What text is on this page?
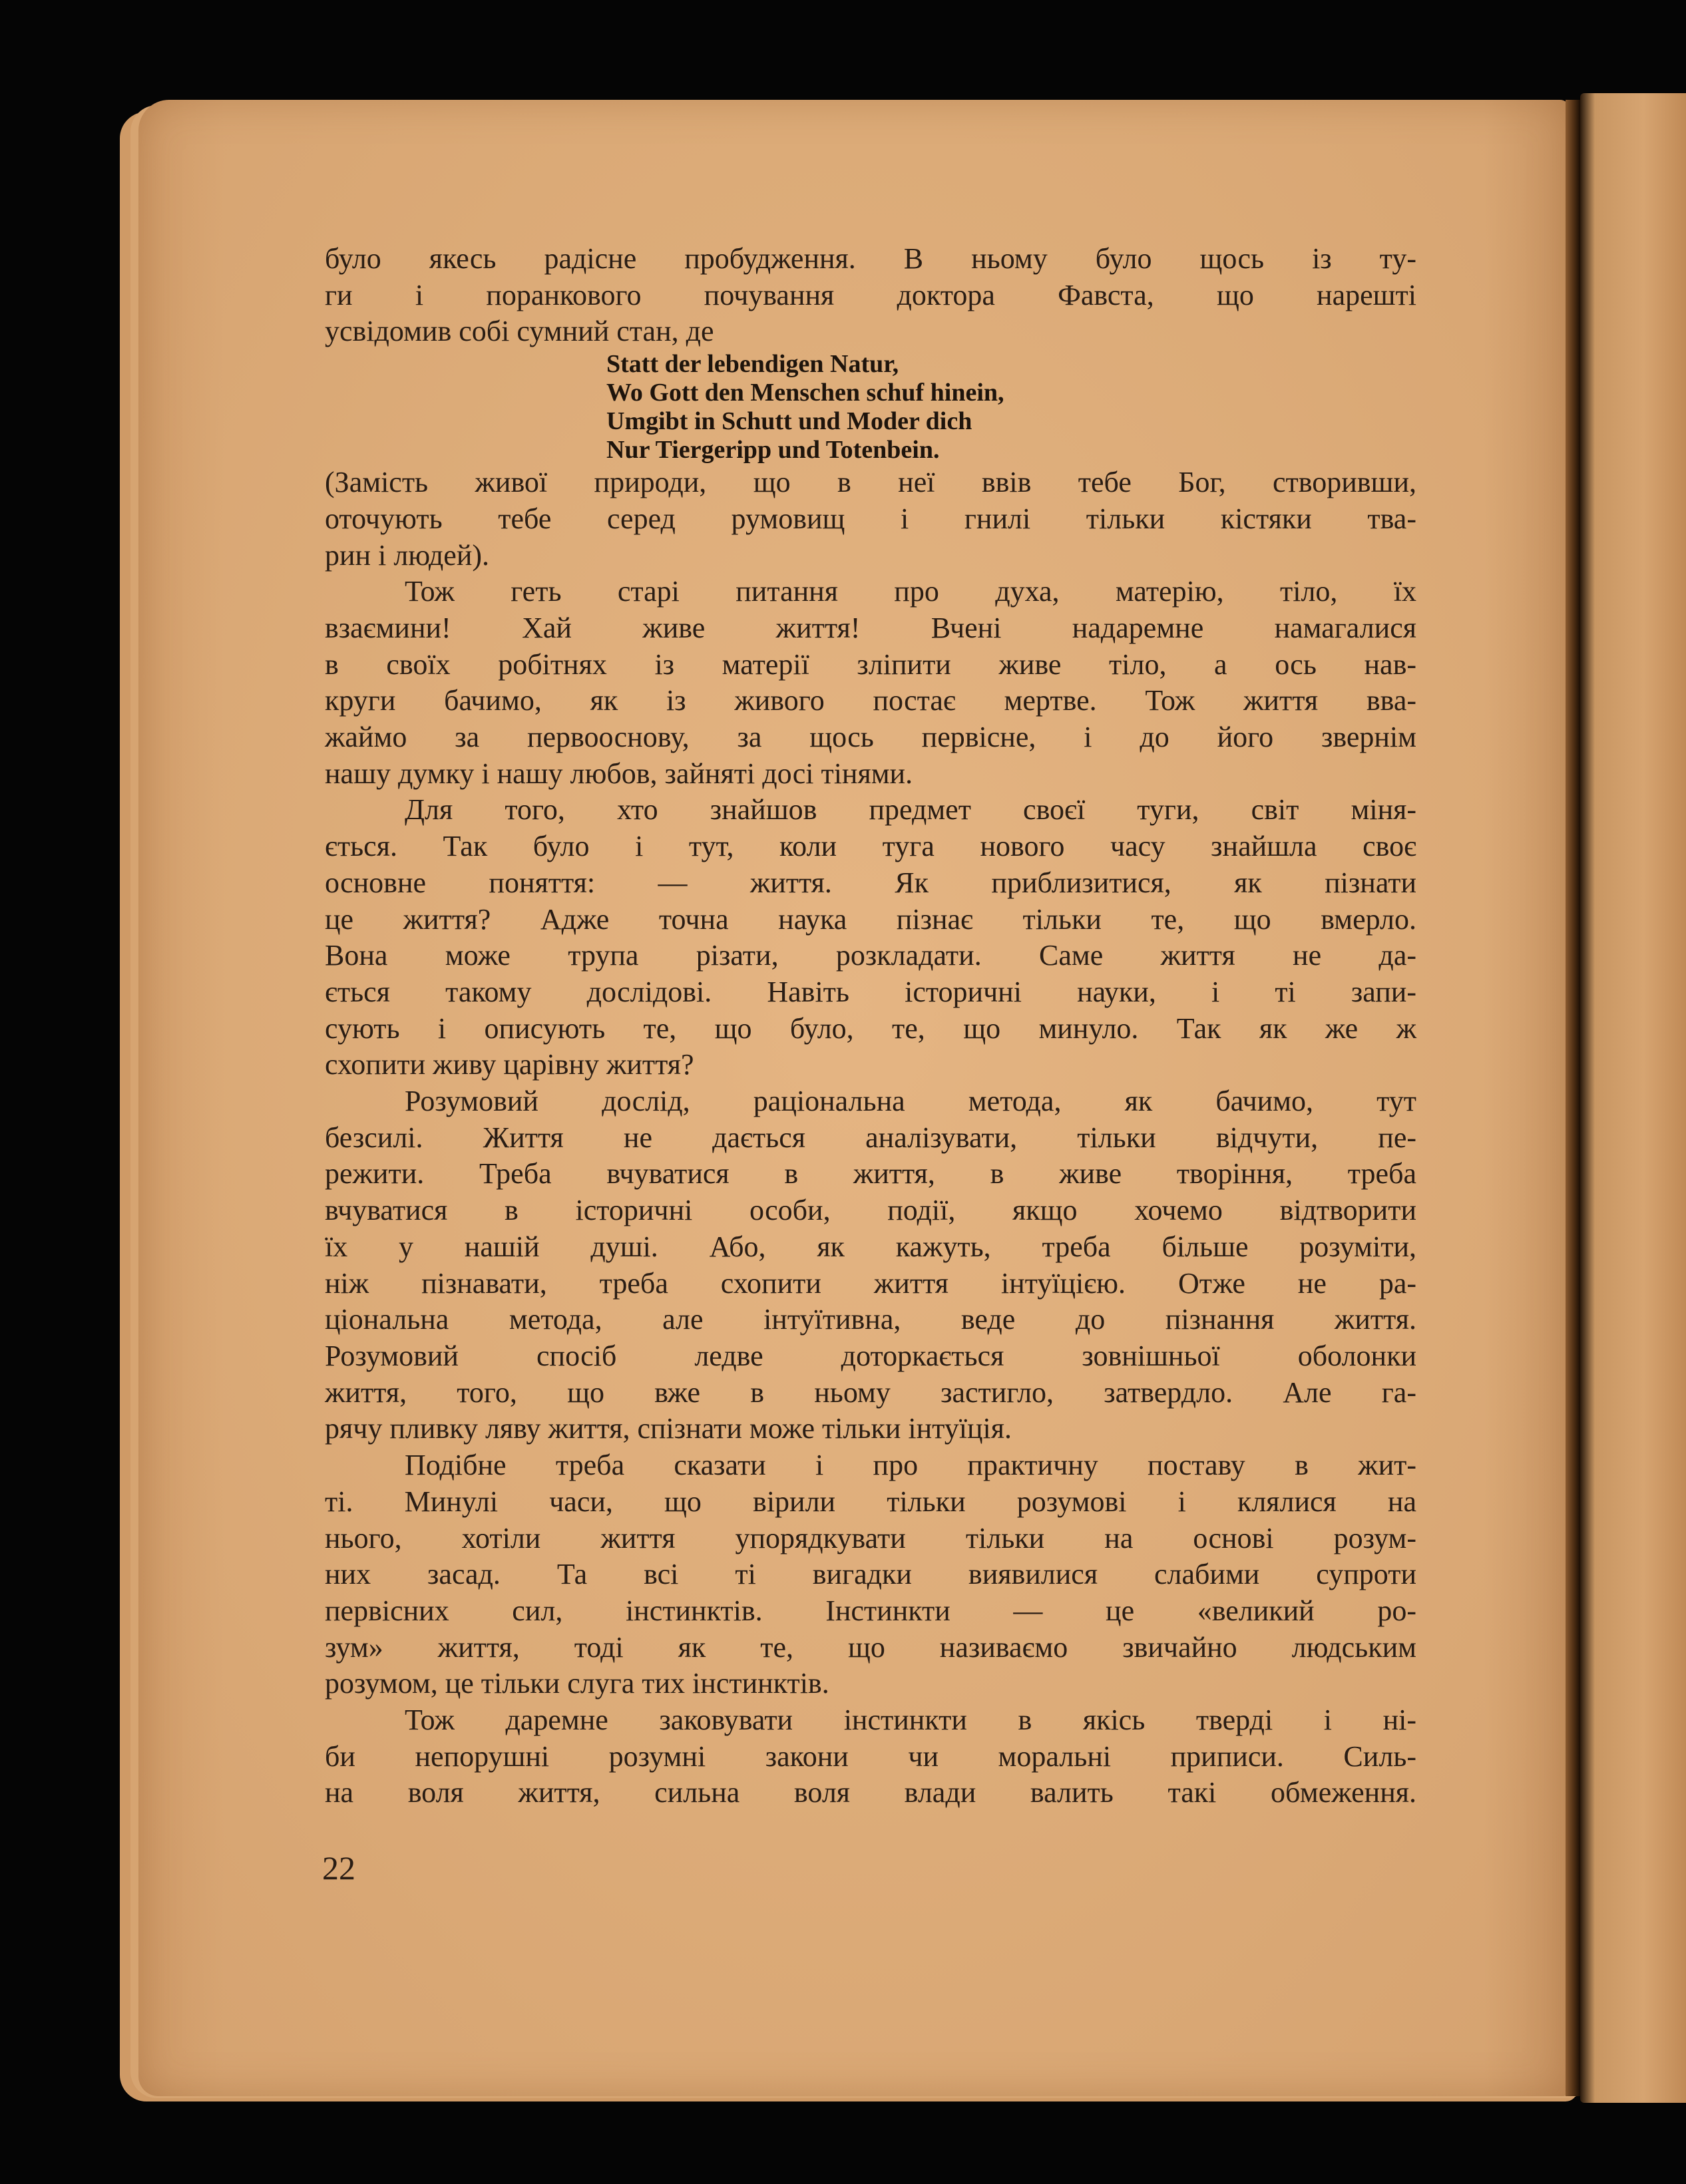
було якесь радісне пробудження. В ньому було щось із ту-
ги і поранкового почування доктора Фавста, що нарешті
усвідомив собі сумний стан, де
Statt der lebendigen Natur,
Wo Gott den Menschen schuf hinein,
Umgibt in Schutt und Moder dich
Nur Tiergeripp und Totenbein.
(Замість живої природи, що в неї ввів тебе Бог, створивши,
оточують тебе серед румовищ і гнилі тільки кістяки тва-
рин і людей).
Тож геть старі питання про духа, матерію, тіло, їх
взаємини! Хай живе життя! Вчені надаремне намагалися
в своїх робітнях із матерії зліпити живе тіло, а ось нав-
круги бачимо, як із живого постає мертве. Тож життя вва-
жаймо за первооснову, за щось первісне, і до його звернім
нашу думку і нашу любов, зайняті досі тінями.
Для того, хто знайшов предмет своєї туги, світ міня-
ється. Так було і тут, коли туга нового часу знайшла своє
основне поняття: — життя. Як приблизитися, як пізнати
це життя? Адже точна наука пізнає тільки те, що вмерло.
Вона може трупа різати, розкладати. Саме життя не да-
ється такому дослідові. Навіть історичні науки, і ті запи-
сують і описують те, що було, те, що минуло. Так як же ж
схопити живу царівну життя?
Розумовий дослід, раціональна метода, як бачимо, тут
безсилі. Життя не дається аналізувати, тільки відчути, пе-
режити. Треба вчуватися в життя, в живе творіння, треба
вчуватися в історичні особи, події, якщо хочемо відтворити
їх у нашій душі. Або, як кажуть, треба більше розуміти,
ніж пізнавати, треба схопити життя інтуїцією. Отже не ра-
ціональна метода, але інтуїтивна, веде до пізнання життя.
Розумовий спосіб ледве доторкається зовнішньої оболонки
життя, того, що вже в ньому застигло, затвердло. Але га-
рячу пливку ляву життя, спізнати може тільки інтуїція.
Подібне треба сказати і про практичну поставу в жит-
ті. Минулі часи, що вірили тільки розумові і клялися на
нього, хотіли життя упорядкувати тільки на основі розум-
них засад. Та всі ті вигадки виявилися слабими супроти
первісних сил, інстинктів. Інстинкти — це «великий ро-
зум» життя, тоді як те, що називаємо звичайно людським
розумом, це тільки слуга тих інстинктів.
Тож даремне заковувати інстинкти в якісь тверді і ні-
би непорушні розумні закони чи моральні приписи. Силь-
на воля життя, сильна воля влади валить такі обмеження.
22
